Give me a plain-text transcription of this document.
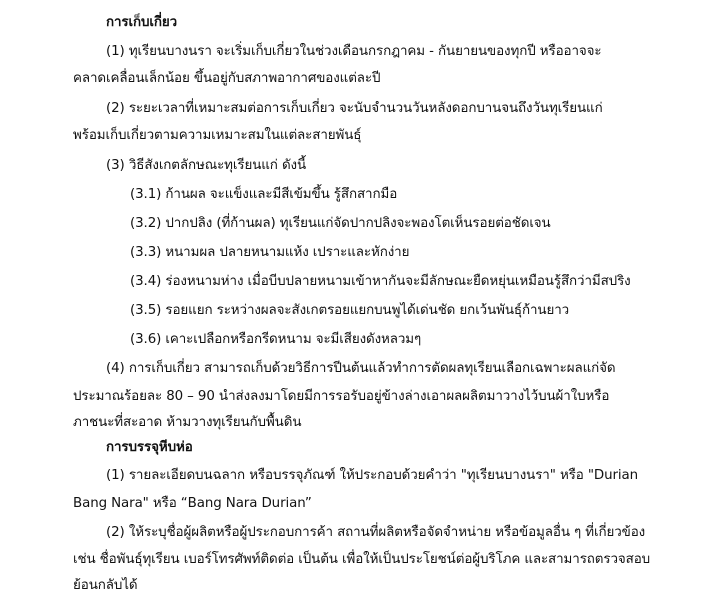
การเก็บเกี่ยว
(1) ทุเรียนบางนรา จะเริ่มเก็บเกี่ยวในช่วงเดือนกรกฎาคม - กันยายนของทุกปี หรืออาจจะ
คลาดเคลื่อนเล็กน้อย ขึ้นอยู่กับสภาพอากาศของแต่ละปี
(2) ระยะเวลาที่เหมาะสมต่อการเก็บเกี่ยว จะนับจำนวนวันหลังดอกบานจนถึงวันทุเรียนแก่
พร้อมเก็บเกี่ยวตามความเหมาะสมในแต่ละสายพันธุ์
(3) วิธีสังเกตลักษณะทุเรียนแก่ ดังนี้
(3.1) ก้านผล จะแข็งและมีสีเข้มขึ้น รู้สึกสากมือ
(3.2) ปากปลิง (ที่ก้านผล) ทุเรียนแก่จัดปากปลิงจะพองโตเห็นรอยต่อชัดเจน
(3.3) หนามผล ปลายหนามแห้ง เปราะและหักง่าย
(3.4) ร่องหนามห่าง เมื่อบีบปลายหนามเข้าหากันจะมีลักษณะยืดหยุ่นเหมือนรู้สึกว่ามีสปริง
(3.5) รอยแยก ระหว่างผลจะสังเกตรอยแยกบนพูได้เด่นชัด ยกเว้นพันธุ์ก้านยาว
(3.6) เคาะเปลือกหรือกรีดหนาม จะมีเสียงดังหลวมๆ
(4) การเก็บเกี่ยว สามารถเก็บด้วยวิธีการปีนต้นแล้วทำการตัดผลทุเรียนเลือกเฉพาะผลแก่จัด
ประมาณร้อยละ 80 – 90 นำส่งลงมาโดยมีการรอรับอยู่ข้างล่างเอาผลผลิตมาวางไว้บนผ้าใบหรือ
ภาชนะที่สะอาด ห้ามวางทุเรียนกับพื้นดิน
การบรรจุหีบห่อ
(1) รายละเอียดบนฉลาก หรือบรรจุภัณฑ์ ให้ประกอบด้วยคำว่า "ทุเรียนบางนรา" หรือ "Durian
Bang Nara" หรือ “Bang Nara Durian”
(2) ให้ระบุชื่อผู้ผลิตหรือผู้ประกอบการค้า สถานที่ผลิตหรือจัดจำหน่าย หรือข้อมูลอื่น ๆ ที่เกี่ยวข้อง
เช่น ชื่อพันธุ์ทุเรียน เบอร์โทรศัพท์ติดต่อ เป็นต้น เพื่อให้เป็นประโยชน์ต่อผู้บริโภค และสามารถตรวจสอบ
ย้อนกลับได้
